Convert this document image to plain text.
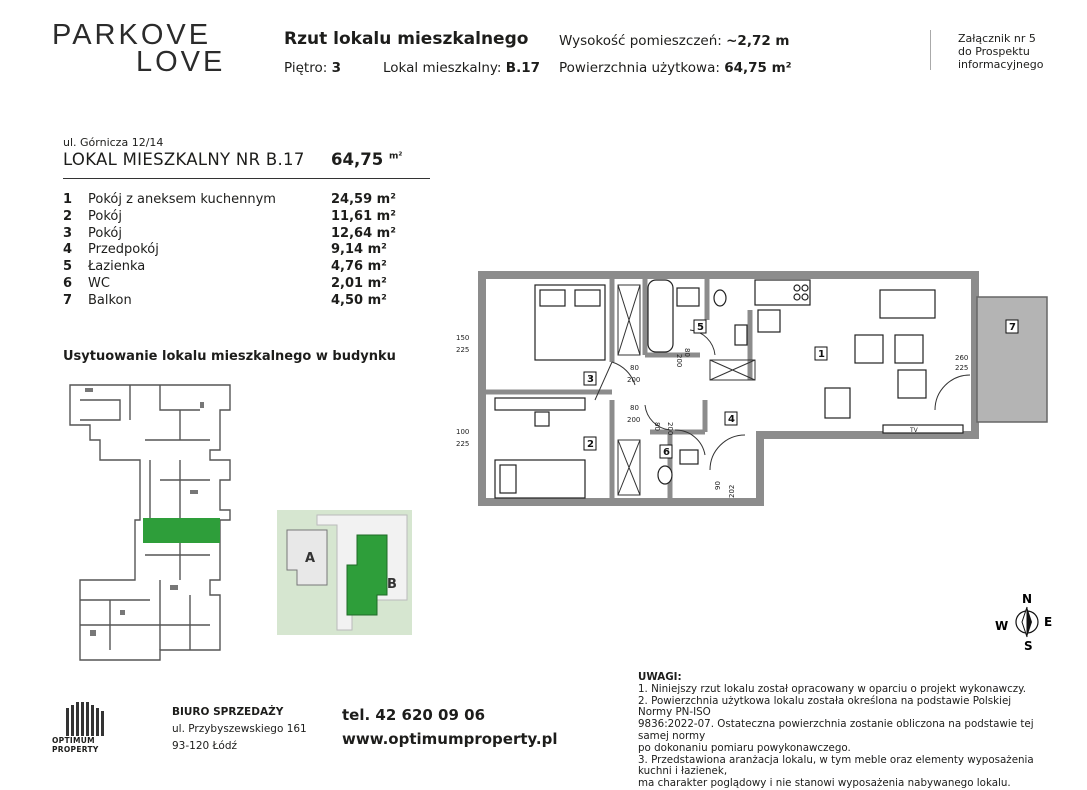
PARKOVE
LOVE
Rzut lokalu mieszkalnego
Piętro: 3	Lokal mieszkalny: B.17
Wysokość pomieszczeń: ~2,72 m
Powierzchnia użytkowa: 64,75 m²
Załącznik nr 5
do Prospektu
informacyjnego
ul. Górnicza 12/14
LOKAL MIESZKALNY NR B.17 64,75 $^{m^2}$
1	Pokój z aneksem kuchennym	24,59 m²
2	Pokój	11,61 m²
3	Pokój	12,64 m²
4	Przedpokój	9,14 m²
5	Łazienka	4,76 m²
6	WC	2,01 m²
7	Balkon	4,50 m²
Usytuowanie lokalu mieszkalnego w budynku
A
B
150
225
100
225
80
200
80
200
80
200
80 200
90 202
260
225
TV
1
2
3
4
5
6
7
N
E
S
W
UWAGI:
1. Niniejszy rzut lokalu został opracowany w oparciu o projekt wykonawczy.
2. Powierzchnia użytkowa lokalu została określona na podstawie Polskiej Normy PN-ISO
9836:2022-07. Ostateczna powierzchnia zostanie obliczona na podstawie tej samej normy
po dokonaniu pomiaru powykonawczego.
3. Przedstawiona aranżacja lokalu, w tym meble oraz elementy wyposażenia kuchni i łazienek,
ma charakter poglądowy i nie stanowi wyposażenia nabywanego lokalu.
OPTIMUM PROPERTY
BIURO SPRZEDAŻY
ul. Przybyszewskiego 161
93-120 Łódź
tel. 42 620 09 06
www.optimumproperty.pl
